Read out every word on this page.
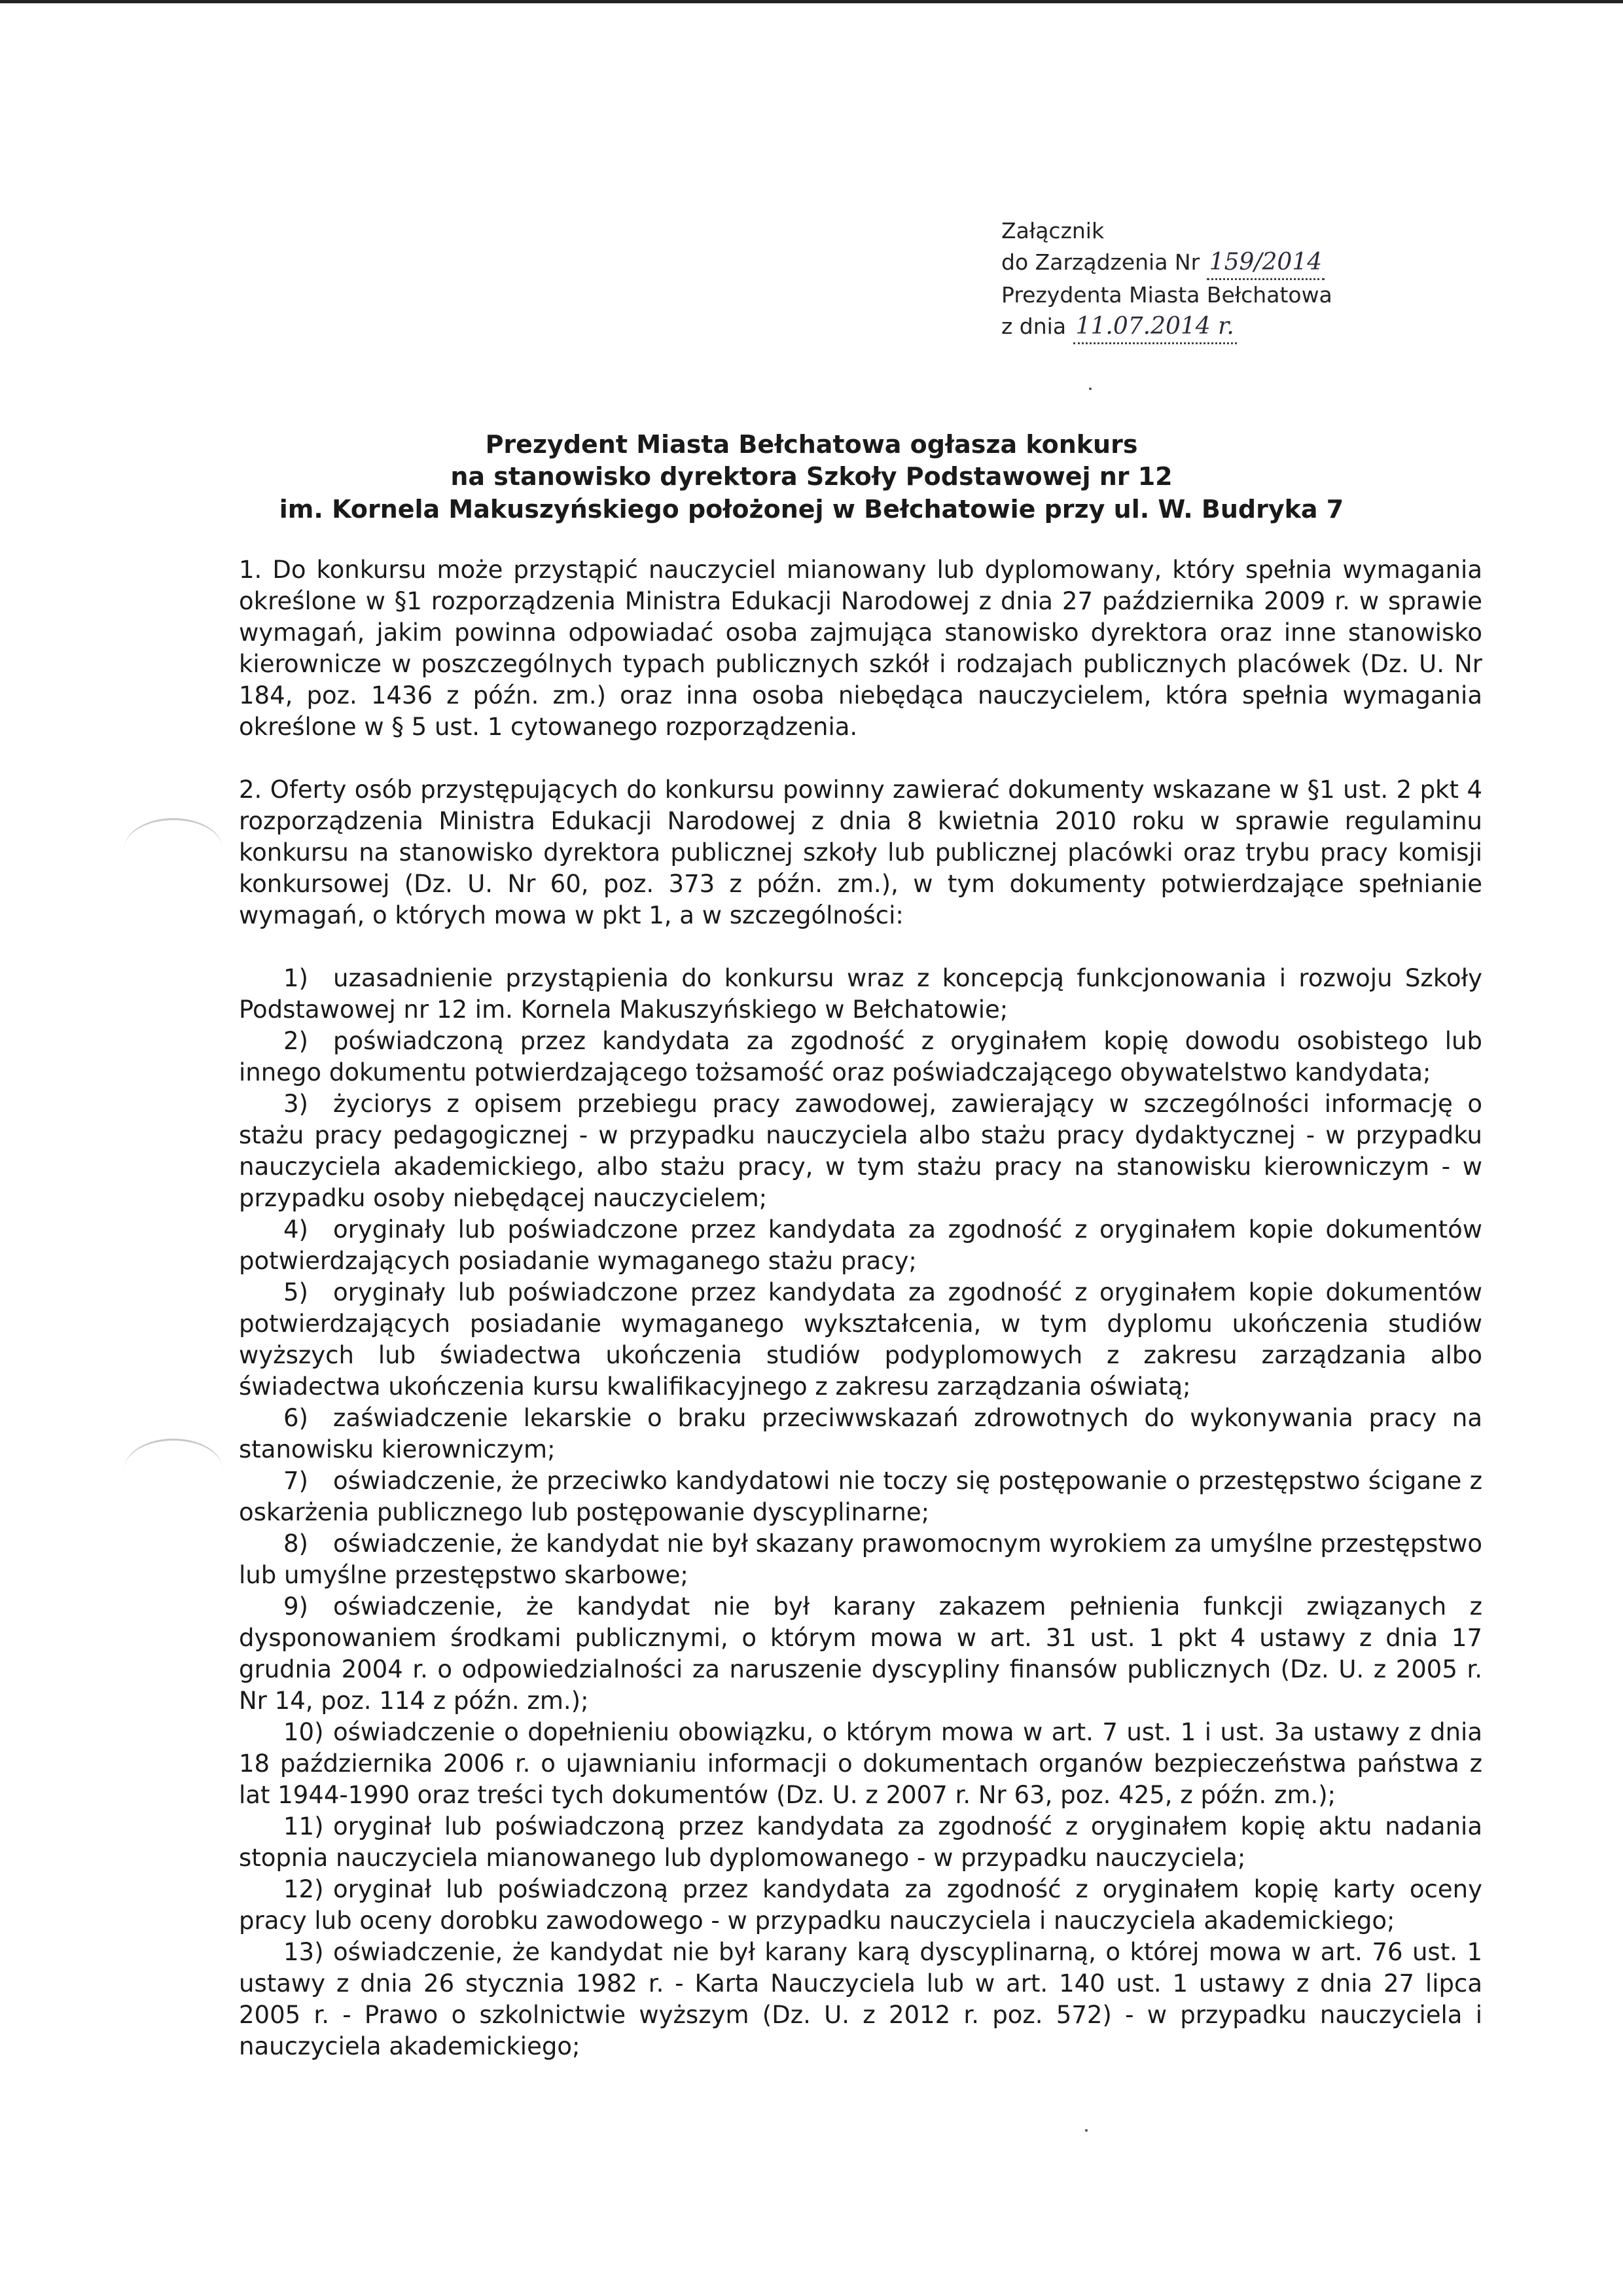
Załącznik
do Zarządzenia Nr 159/2014
Prezydenta Miasta Bełchatowa
z dnia 11.07.2014 r.
Prezydent Miasta Bełchatowa ogłasza konkurs
na stanowisko dyrektora Szkoły Podstawowej nr 12
im. Kornela Makuszyńskiego położonej w Bełchatowie przy ul. W. Budryka 7

1. Do konkursu może przystąpić nauczyciel mianowany lub dyplomowany, który spełnia wymagania określone w §1 rozporządzenia Ministra Edukacji Narodowej z dnia 27 października 2009 r. w sprawie wymagań, jakim powinna odpowiadać osoba zajmująca stanowisko dyrektora oraz inne stanowisko kierownicze w poszczególnych typach publicznych szkół i rodzajach publicznych placówek (Dz. U. Nr 184, poz. 1436 z późn. zm.) oraz inna osoba niebędąca nauczycielem, która spełnia wymagania określone w § 5 ust. 1 cytowanego rozporządzenia.

2. Oferty osób przystępujących do konkursu powinny zawierać dokumenty wskazane w §1 ust. 2 pkt 4 rozporządzenia Ministra Edukacji Narodowej z dnia 8 kwietnia 2010 roku w sprawie regulaminu konkursu na stanowisko dyrektora publicznej szkoły lub publicznej placówki oraz trybu pracy komisji konkursowej (Dz. U. Nr 60, poz. 373 z późn. zm.), w tym dokumenty potwierdzające spełnianie wymagań, o których mowa w pkt 1, a w szczególności:

1) uzasadnienie przystąpienia do konkursu wraz z koncepcją funkcjonowania i rozwoju Szkoły Podstawowej nr 12 im. Kornela Makuszyńskiego w Bełchatowie;

2) poświadczoną przez kandydata za zgodność z oryginałem kopię dowodu osobistego lub innego dokumentu potwierdzającego tożsamość oraz poświadczającego obywatelstwo kandydata;

3) życiorys z opisem przebiegu pracy zawodowej, zawierający w szczególności informację o stażu pracy pedagogicznej - w przypadku nauczyciela albo stażu pracy dydaktycznej - w przypadku nauczyciela akademickiego, albo stażu pracy, w tym stażu pracy na stanowisku kierowniczym - w przypadku osoby niebędącej nauczycielem;

4) oryginały lub poświadczone przez kandydata za zgodność z oryginałem kopie dokumentów potwierdzających posiadanie wymaganego stażu pracy;

5) oryginały lub poświadczone przez kandydata za zgodność z oryginałem kopie dokumentów potwierdzających posiadanie wymaganego wykształcenia, w tym dyplomu ukończenia studiów wyższych lub świadectwa ukończenia studiów podyplomowych z zakresu zarządzania albo świadectwa ukończenia kursu kwalifikacyjnego z zakresu zarządzania oświatą;

6) zaświadczenie lekarskie o braku przeciwwskazań zdrowotnych do wykonywania pracy na stanowisku kierowniczym;

7) oświadczenie, że przeciwko kandydatowi nie toczy się postępowanie o przestępstwo ścigane z oskarżenia publicznego lub postępowanie dyscyplinarne;

8) oświadczenie, że kandydat nie był skazany prawomocnym wyrokiem za umyślne przestępstwo lub umyślne przestępstwo skarbowe;

9) oświadczenie, że kandydat nie był karany zakazem pełnienia funkcji związanych z dysponowaniem środkami publicznymi, o którym mowa w art. 31 ust. 1 pkt 4 ustawy z dnia 17 grudnia 2004 r. o odpowiedzialności za naruszenie dyscypliny finansów publicznych (Dz. U. z 2005 r. Nr 14, poz. 114 z późn. zm.);

10) oświadczenie o dopełnieniu obowiązku, o którym mowa w art. 7 ust. 1 i ust. 3a ustawy z dnia 18 października 2006 r. o ujawnianiu informacji o dokumentach organów bezpieczeństwa państwa z lat 1944-1990 oraz treści tych dokumentów (Dz. U. z 2007 r. Nr 63, poz. 425, z późn. zm.);

11) oryginał lub poświadczoną przez kandydata za zgodność z oryginałem kopię aktu nadania stopnia nauczyciela mianowanego lub dyplomowanego - w przypadku nauczyciela;

12) oryginał lub poświadczoną przez kandydata za zgodność z oryginałem kopię karty oceny pracy lub oceny dorobku zawodowego - w przypadku nauczyciela i nauczyciela akademickiego;

13) oświadczenie, że kandydat nie był karany karą dyscyplinarną, o której mowa w art. 76 ust. 1 ustawy z dnia 26 stycznia 1982 r. - Karta Nauczyciela lub w art. 140 ust. 1 ustawy z dnia 27 lipca 2005 r. - Prawo o szkolnictwie wyższym (Dz. U. z 2012 r. poz. 572) - w przypadku nauczyciela i nauczyciela akademickiego;
